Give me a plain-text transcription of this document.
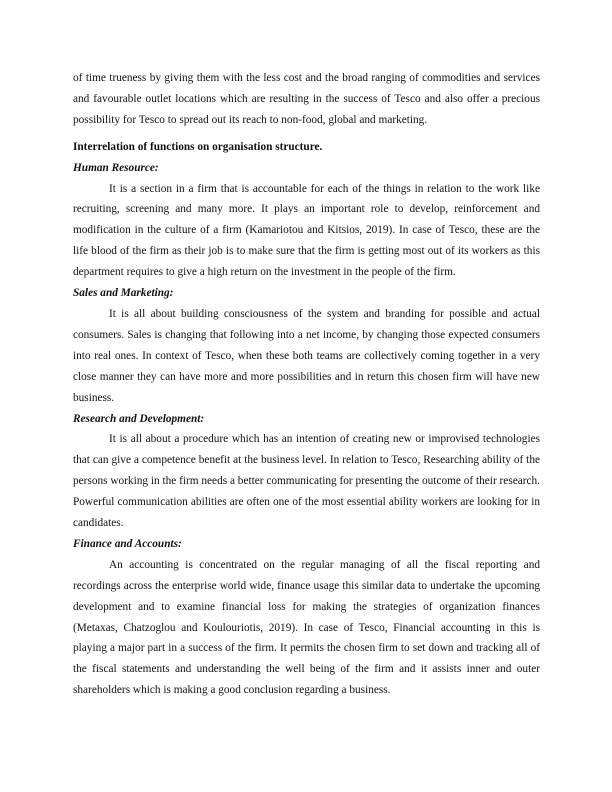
of time trueness by giving them with the less cost and the broad ranging of commodities and services and favourable outlet locations which are resulting in the success of Tesco and also offer a precious possibility for Tesco to spread out its reach to non-food, global and marketing.

Interrelation of functions on organisation structure.

Human Resource:

It is a section in a firm that is accountable for each of the things in relation to the work like recruiting, screening and many more. It plays an important role to develop, reinforcement and modification in the culture of a firm (Kamariotou and Kitsios, 2019). In case of Tesco, these are the life blood of the firm as their job is to make sure that the firm is getting most out of its workers as this department requires to give a high return on the investment in the people of the firm.

Sales and Marketing:

It is all about building consciousness of the system and branding for possible and actual consumers. Sales is changing that following into a net income, by changing those expected consumers into real ones. In context of Tesco, when these both teams are collectively coming together in a very close manner they can have more and more possibilities and in return this chosen firm will have new business.

Research and Development:

It is all about a procedure which has an intention of creating new or improvised technologies that can give a competence benefit at the business level. In relation to Tesco, Researching ability of the persons working in the firm needs a better communicating for presenting the outcome of their research. Powerful communication abilities are often one of the most essential ability workers are looking for in candidates.

Finance and Accounts:

An accounting is concentrated on the regular managing of all the fiscal reporting and recordings across the enterprise world wide, finance usage this similar data to undertake the upcoming development and to examine financial loss for making the strategies of organization finances (Metaxas, Chatzoglou and Koulouriotis, 2019). In case of Tesco, Financial accounting in this is playing a major part in a success of the firm. It permits the chosen firm to set down and tracking all of the fiscal statements and understanding the well being of the firm and it assists inner and outer shareholders which is making a good conclusion regarding a business.
